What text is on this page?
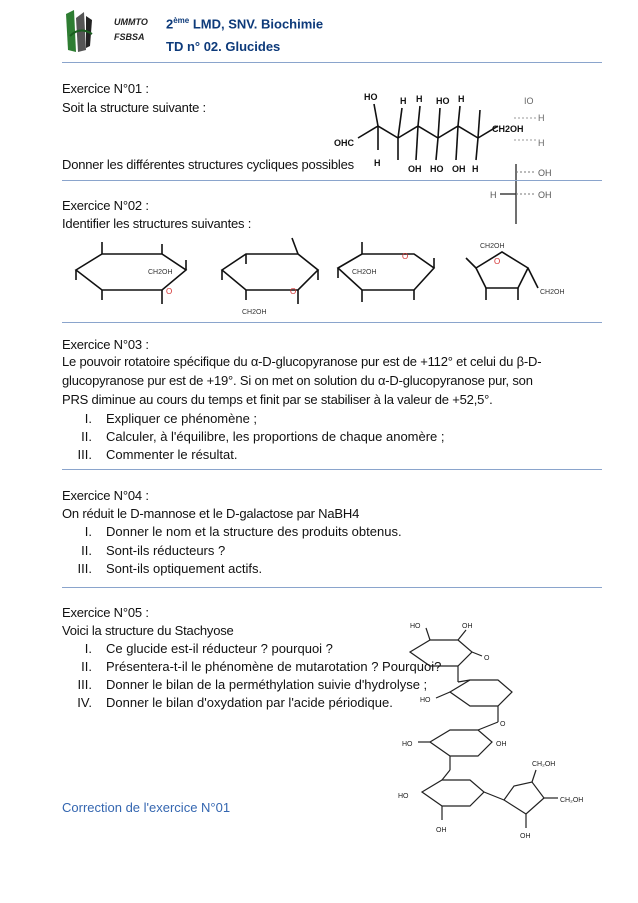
UMMTO
FSBSA
2ème LMD, SNV. Biochimie
TD n° 02. Glucides
Exercice N°01 :
Soit la structure suivante :
Donner les différentes structures cycliques possibles
HO	H H HO H
OHC
H
OH HO OH H
CH2OH
IO
H
H
OH
H	OH
Exercice N°02 :
Identifier les structures suivantes :
CH2OH
CH2OH
CH2OH
CH2OH
CH2OH
O	O
O
O
Exercice N°03 :
Le pouvoir rotatoire spécifique du α-D-glucopyranose pur est de +112° et celui du β-D-
glucopyranose pur est de +19°. Si on met on solution du α-D-glucopyranose pur, son
PRS diminue au cours du temps et finit par se stabiliser à la valeur de +52,5°.
I. Expliquer ce phénomène ;
II. Calculer, à l'équilibre, les proportions de chaque anomère ;
III. Commenter le résultat.
Exercice N°04 :
On réduit le D-mannose et le D-galactose par NaBH4
I. Donner le nom et la structure des produits obtenus.
II. Sont-ils réducteurs ?
III. Sont-ils optiquement actifs.
Exercice N°05 :
Voici la structure du Stachyose	HO	OH
O
HO
O
HO	OH
HO
CH₂OH
CH₂OH
OH
OH
I. Ce glucide est-il réducteur ? pourquoi ?
II. Présentera-t-il le phénomène de mutarotation ? Pourquoi?
III. Donner le bilan de la perméthylation suivie d'hydrolyse ;
IV. Donner le bilan d'oxydation par l'acide périodique.
Correction de l'exercice N°01
